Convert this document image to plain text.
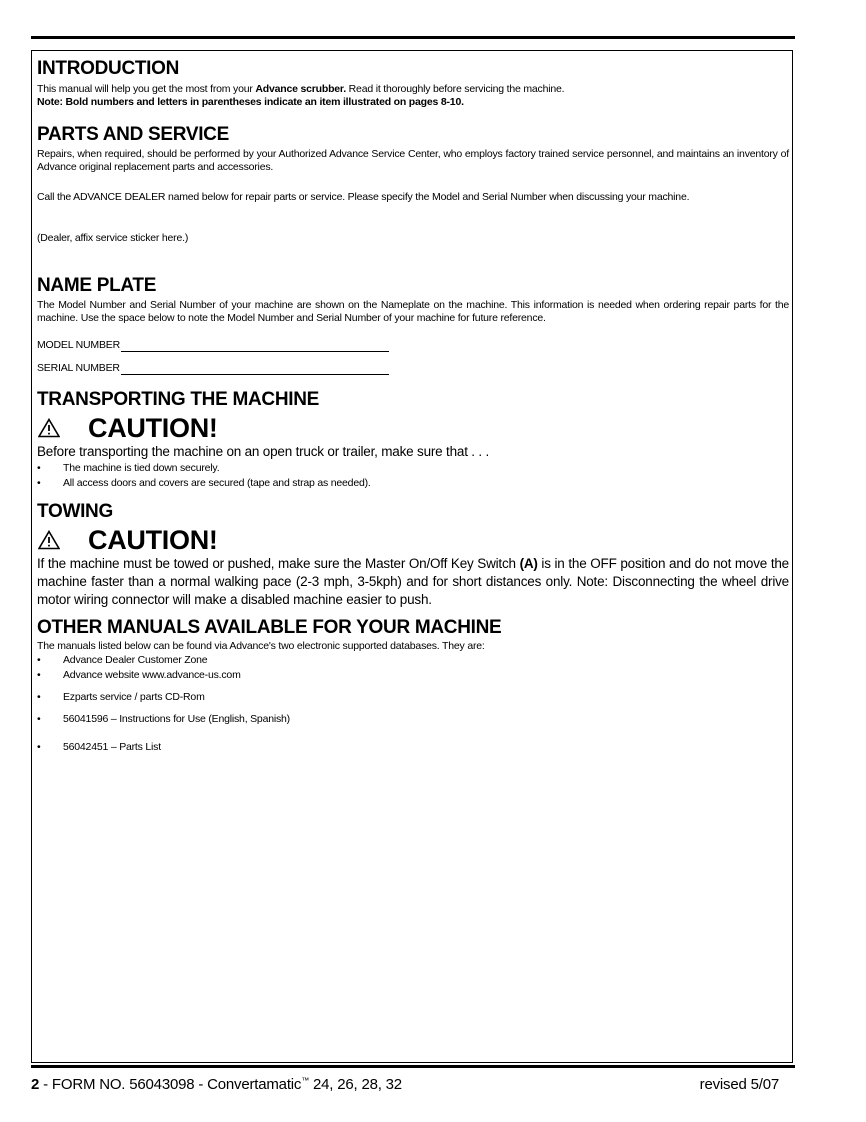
INTRODUCTION

This manual will help you get the most from your Advance scrubber. Read it thoroughly before servicing the machine.

Note: Bold numbers and letters in parentheses indicate an item illustrated on pages 8-10.

PARTS AND SERVICE

Repairs, when required, should be performed by your Authorized Advance Service Center, who employs factory trained service personnel, and maintains an inventory of Advance original replacement parts and accessories.

Call the ADVANCE DEALER named below for repair parts or service. Please specify the Model and Serial Number when discussing your machine.

(Dealer, affix service sticker here.)

NAME PLATE

The Model Number and Serial Number of your machine are shown on the Nameplate on the machine. This information is needed when ordering repair parts for the machine. Use the space below to note the Model Number and Serial Number of your machine for future reference.

MODEL NUMBER

SERIAL NUMBER

TRANSPORTING THE MACHINE
CAUTION!

Before transporting the machine on an open truck or trailer, make sure that . . .

• The machine is tied down securely.
• All access doors and covers are secured (tape and strap as needed).
TOWING
CAUTION!

If the machine must be towed or pushed, make sure the Master On/Off Key Switch (A) is in the OFF position and do not move the machine faster than a normal walking pace (2-3 mph, 3-5kph) and for short distances only. Note: Disconnecting the wheel drive motor wiring connector will make a disabled machine easier to push.

OTHER MANUALS AVAILABLE FOR YOUR MACHINE

The manuals listed below can be found via Advance's two electronic supported databases. They are:

• Advance Dealer Customer Zone
• Advance website www.advance-us.com
• Ezparts service / parts CD-Rom
• 56041596 – Instructions for Use (English, Spanish)
• 56042451 – Parts List
2 - FORM NO. 56043098 - Convertamatic™ 24, 26, 28, 32	revised 5/07
